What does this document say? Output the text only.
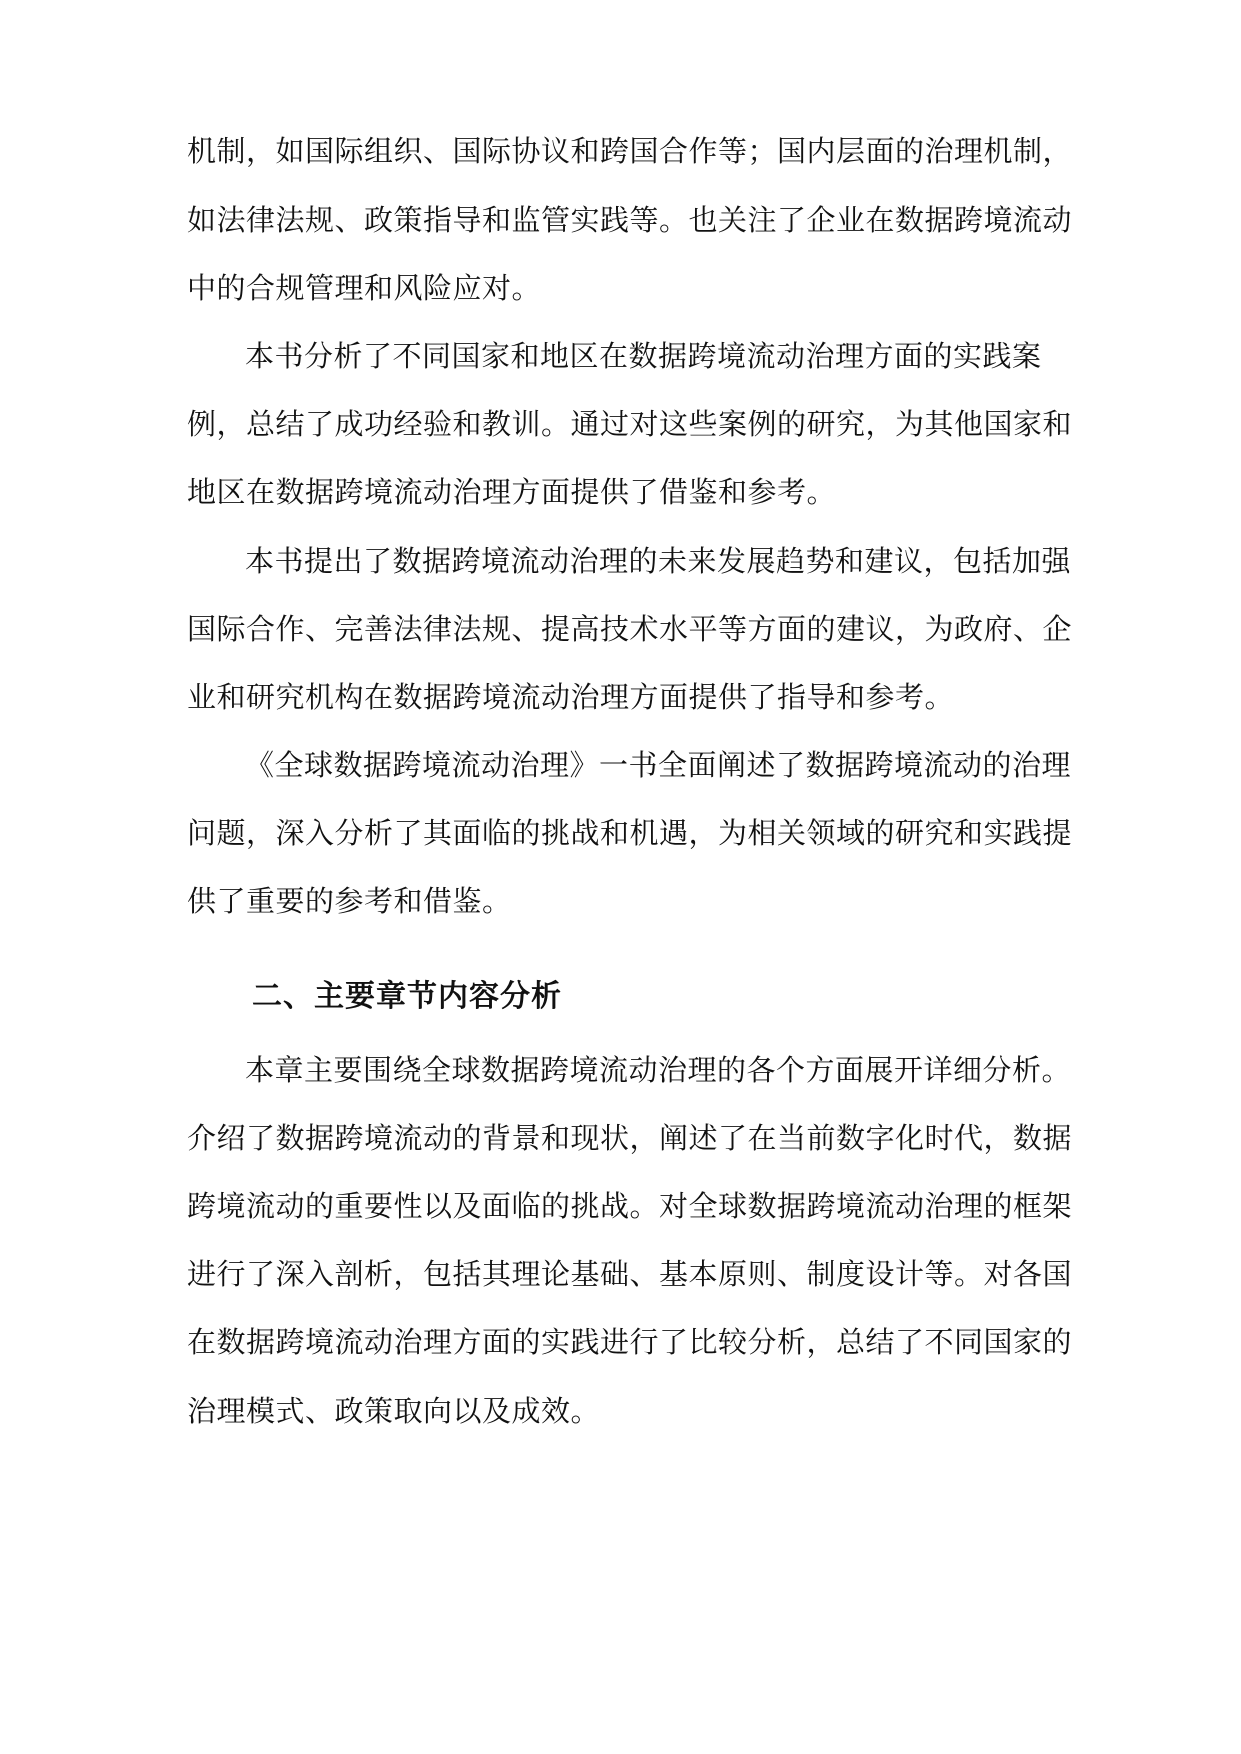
机制，如国际组织、国际协议和跨国合作等；国内层面的治理机制，
如法律法规、政策指导和监管实践等。也关注了企业在数据跨境流动
中的合规管理和风险应对。
本书分析了不同国家和地区在数据跨境流动治理方面的实践案
例，总结了成功经验和教训。通过对这些案例的研究，为其他国家和
地区在数据跨境流动治理方面提供了借鉴和参考。
本书提出了数据跨境流动治理的未来发展趋势和建议，包括加强
国际合作、完善法律法规、提高技术水平等方面的建议，为政府、企
业和研究机构在数据跨境流动治理方面提供了指导和参考。
《全球数据跨境流动治理》一书全面阐述了数据跨境流动的治理
问题，深入分析了其面临的挑战和机遇，为相关领域的研究和实践提
供了重要的参考和借鉴。
二、主要章节内容分析
本章主要围绕全球数据跨境流动治理的各个方面展开详细分析。
介绍了数据跨境流动的背景和现状，阐述了在当前数字化时代，数据
跨境流动的重要性以及面临的挑战。对全球数据跨境流动治理的框架
进行了深入剖析，包括其理论基础、基本原则、制度设计等。对各国
在数据跨境流动治理方面的实践进行了比较分析，总结了不同国家的
治理模式、政策取向以及成效。
